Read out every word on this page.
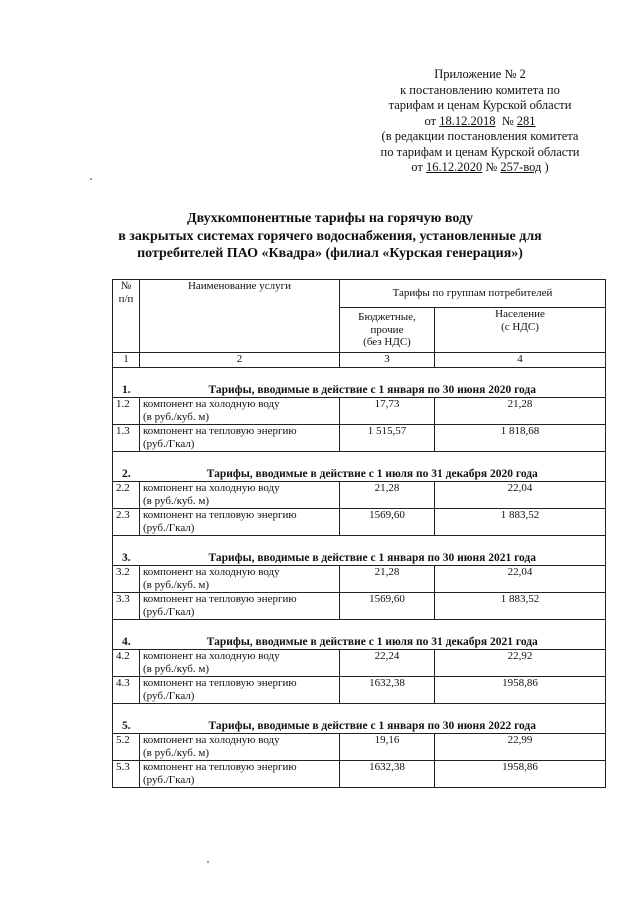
Приложение № 2
к постановлению комитета по
тарифам и ценам Курской области
от 18.12.2018  № 281
(в редакции постановления комитета
по тарифам и ценам Курской области
от 16.12.2020 № 257-вод )
Двухкомпонентные тарифы на горячую воду
в закрытых системах горячего водоснабжения, установленные для
потребителей ПАО «Квадра» (филиал «Курская генерация»)
№
п/п	Наименование услуги	Тарифы по группам потребителей	
		Бюджетные,
прочие
(без НДС)	Население
(с НДС)
1	2	3	4
1.	Тарифы, вводимые в действие с 1 января по 30 июня 2020 года		
1.2	компонент на холодную воду
(в руб./куб. м)	17,73	21,28
1.3	компонент на тепловую энергию
(руб./Гкал)	1 515,57	1 818,68
2.	Тарифы, вводимые в действие с 1 июля по 31 декабря 2020 года		
2.2	компонент на холодную воду
(в руб./куб. м)	21,28	22,04
2.3	компонент на тепловую энергию
(руб./Гкал)	1569,60	1 883,52
3.	Тарифы, вводимые в действие с 1 января по 30 июня 2021 года		
3.2	компонент на холодную воду
(в руб./куб. м)	21,28	22,04
3.3	компонент на тепловую энергию
(руб./Гкал)	1569,60	1 883,52
4.	Тарифы, вводимые в действие с 1 июля по 31 декабря 2021 года		
4.2	компонент на холодную воду
(в руб./куб. м)	22,24	22,92
4.3	компонент на тепловую энергию
(руб./Гкал)	1632,38	1958,86
5.	Тарифы, вводимые в действие с 1 января по 30 июня 2022 года		
5.2	компонент на холодную воду
(в руб./куб. м)	19,16	22,99
5.3	компонент на тепловую энергию
(руб./Гкал)	1632,38	1958,86
